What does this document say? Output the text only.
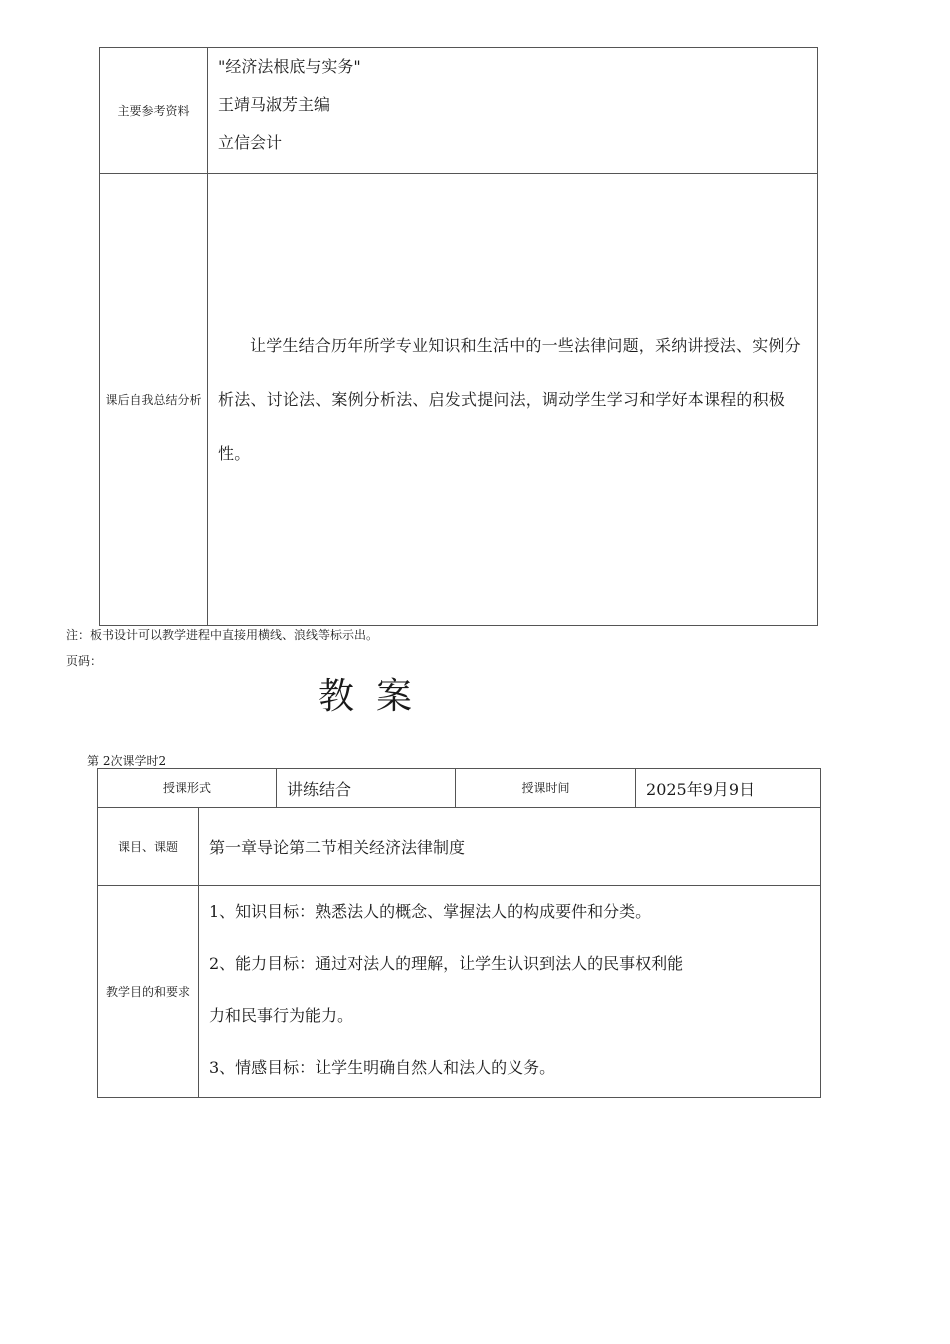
主要参考资料	"经济法根底与实务"
王靖马淑芳主编
立信会计

课后自我总结分析	让学生结合历年所学专业知识和生活中的一些法律问题，采纳讲授法、实例分析法、讨论法、案例分析法、启发式提问法，调动学生学习和学好本课程的积极性。
注：板书设计可以教学进程中直接用横线、浪线等标示出。
页码：
教案
第 2次课学时2
授课形式		讲练结合	授课时间	2025年9月9日
课目、课题	第一章导论第二节相关经济法律制度			
教学目的和要求	1、知识目标：熟悉法人的概念、掌握法人的构成要件和分类。
2、能力目标：通过对法人的理解，让学生认识到法人的民事权利能
力和民事行为能力。
3、情感目标：让学生明确自然人和法人的义务。			
